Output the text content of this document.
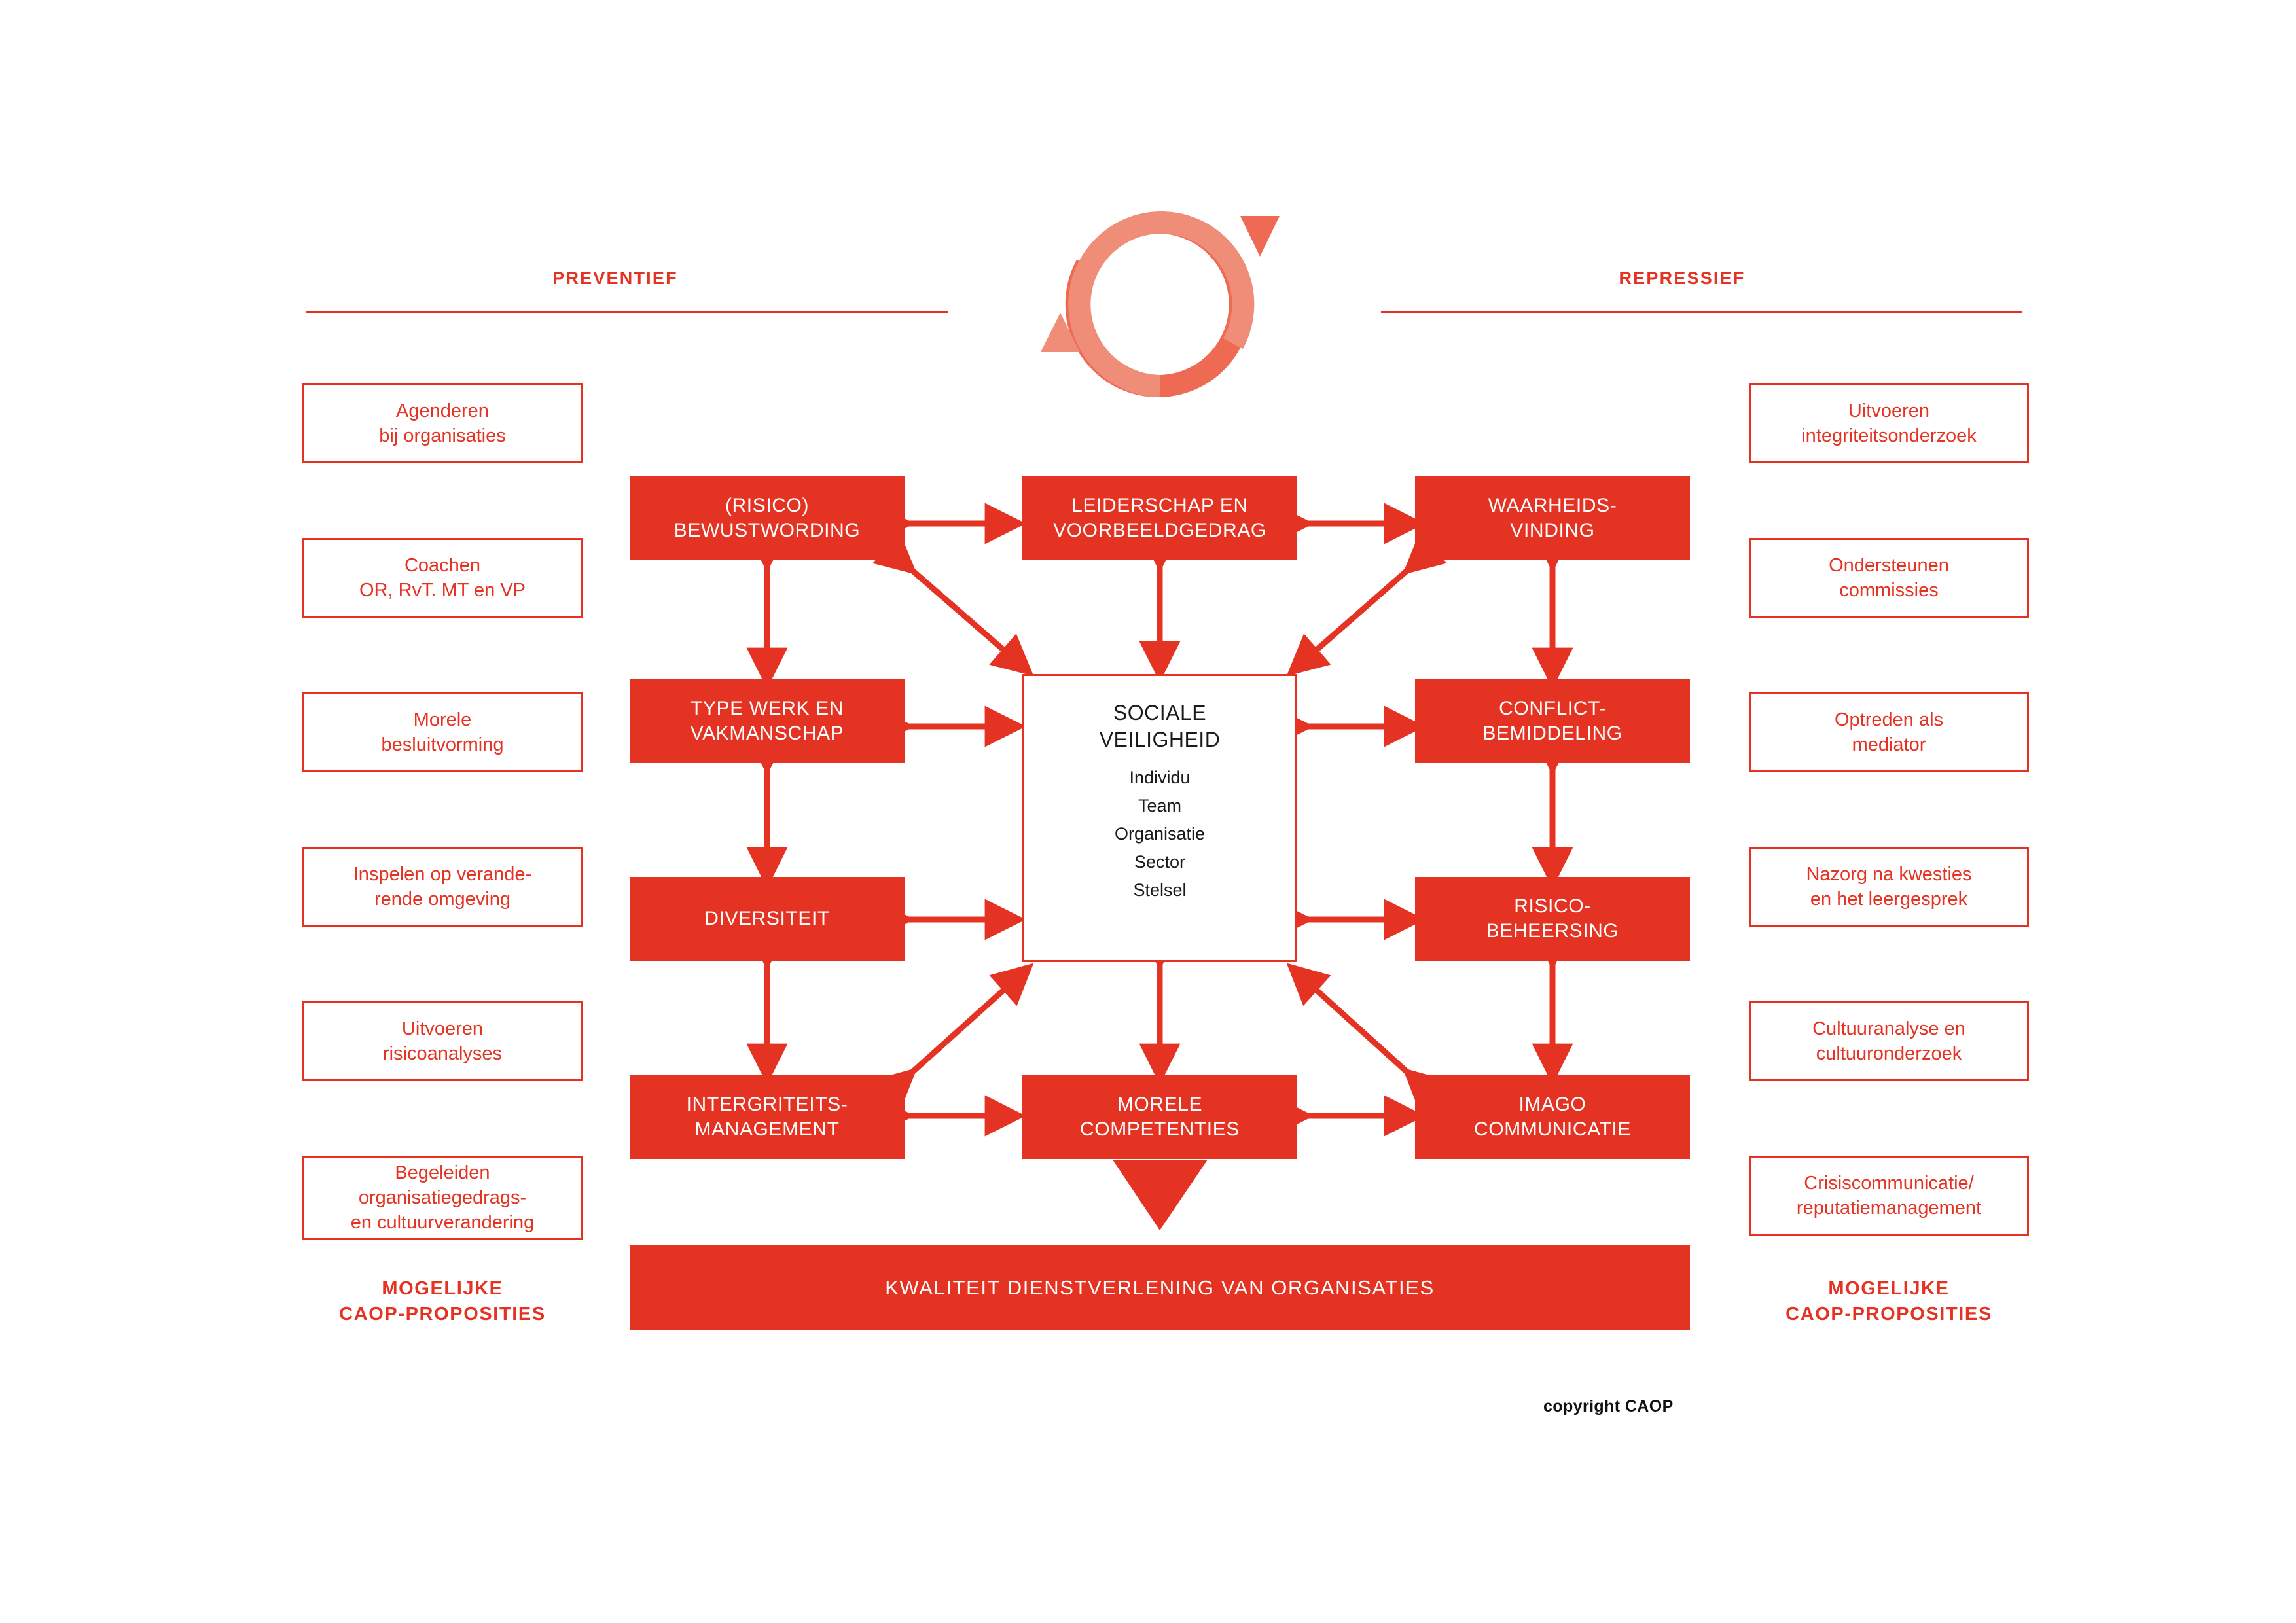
PREVENTIEF	REPRESSIEF
Agenderen
bij organisaties
Coachen
OR, RvT. MT en VP
Morele
besluitvorming
Inspelen op verande-
rende omgeving
Uitvoeren
risicoanalyses
Begeleiden
organisatiegedrags-
en cultuurverandering
MOGELIJKE
CAOP-PROPOSITIES
Uitvoeren
integriteitsonderzoek
Ondersteunen
commissies
Optreden als
mediator
Nazorg na kwesties
en het leergesprek
Cultuuranalyse en
cultuuronderzoek
Crisiscommunicatie/
reputatiemanagement
MOGELIJKE
CAOP-PROPOSITIES
(RISICO)
BEWUSTWORDING
LEIDERSCHAP EN
VOORBEELDGEDRAG
WAARHEIDS-
VINDING
TYPE WERK EN
VAKMANSCHAP
CONFLICT-
BEMIDDELING
DIVERSITEIT
RISICO-
BEHEERSING
INTERGRITEITS-
MANAGEMENT
MORELE
COMPETENTIES
IMAGO
COMMUNICATIE
SOCIALE
VEILIGHEID
Individu
Team
Organisatie
Sector
Stelsel
KWALITEIT DIENSTVERLENING VAN ORGANISATIES
copyright CAOP
